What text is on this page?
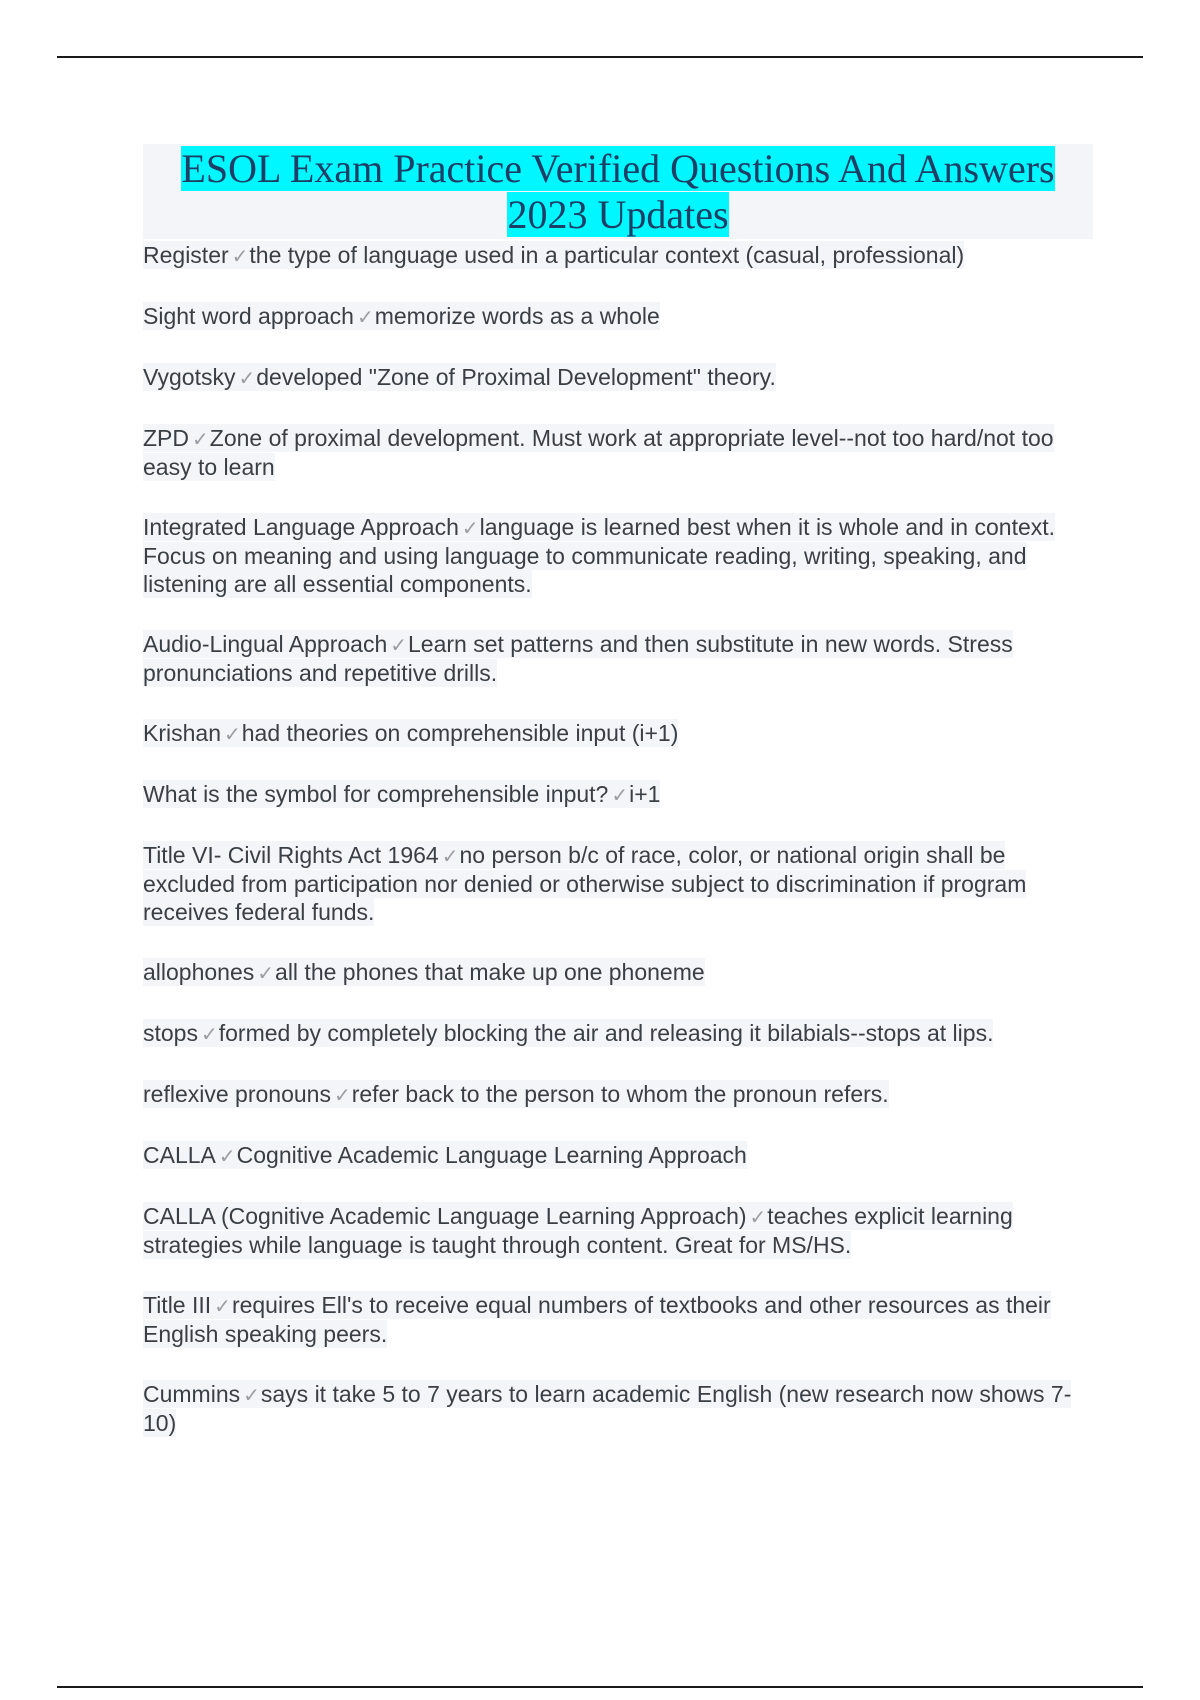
ESOL Exam Practice Verified Questions And Answers 2023 Updates
Register ✓the type of language used in a particular context (casual, professional)
Sight word approach ✓memorize words as a whole
Vygotsky ✓developed "Zone of Proximal Development" theory.
ZPD ✓Zone of proximal development. Must work at appropriate level--not too hard/not too easy to learn
Integrated Language Approach ✓language is learned best when it is whole and in context. Focus on meaning and using language to communicate reading, writing, speaking, and listening are all essential components.
Audio-Lingual Approach ✓Learn set patterns and then substitute in new words. Stress pronunciations and repetitive drills.
Krishan ✓had theories on comprehensible input (i+1)
What is the symbol for comprehensible input? ✓i+1
Title VI- Civil Rights Act 1964 ✓no person b/c of race, color, or national origin shall be excluded from participation nor denied or otherwise subject to discrimination if program receives federal funds.
allophones ✓all the phones that make up one phoneme
stops ✓formed by completely blocking the air and releasing it bilabials--stops at lips.
reflexive pronouns ✓refer back to the person to whom the pronoun refers.
CALLA ✓Cognitive Academic Language Learning Approach
CALLA (Cognitive Academic Language Learning Approach) ✓teaches explicit learning strategies while language is taught through content. Great for MS/HS.
Title III ✓requires Ell's to receive equal numbers of textbooks and other resources as their English speaking peers.
Cummins ✓says it take 5 to 7 years to learn academic English (new research now shows 7-10)
